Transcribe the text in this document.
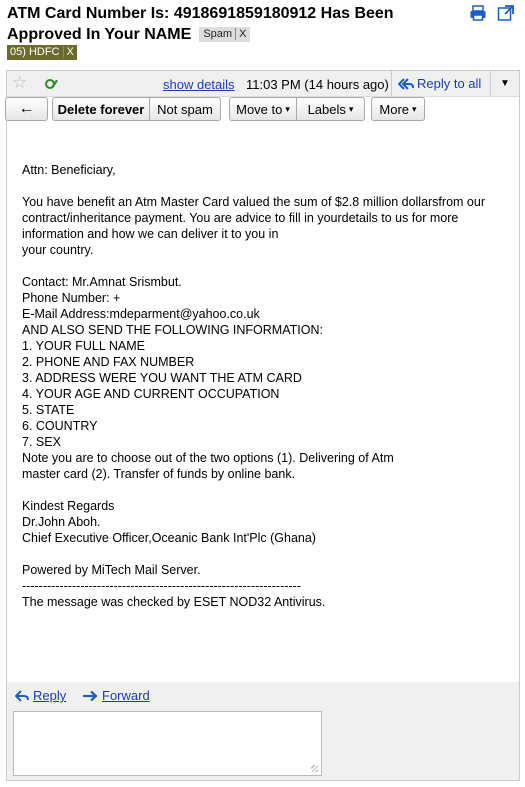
ATM Card Number Is: 4918691859180912 Has Been Approved In Your NAME Spam X
05) HDFC X
☆	show details 11:03 PM (14 hours ago) Reply to all ▼
←	Delete forever Not spam	Move to ▾ Labels ▾ More ▾
Attn: Beneficiary,

You have benefit an Atm Master Card valued the sum of $2.8 million dollarsfrom our contract/inheritance payment. You are advice to fill in yourdetails to us for more information and how we can deliver it to you in
your country.

Contact: Mr.Amnat Srismbut.
Phone Number: +
E-Mail Address:mdeparment@yahoo.co.uk
AND ALSO SEND THE FOLLOWING INFORMATION:
1. YOUR FULL NAME
2. PHONE AND FAX NUMBER
3. ADDRESS WERE YOU WANT THE ATM CARD
4. YOUR AGE AND CURRENT OCCUPATION
5. STATE
6. COUNTRY
7. SEX
Note you are to choose out of the two options (1). Delivering of Atm
master card (2). Transfer of funds by online bank.

Kindest Regards
Dr.John Aboh.
Chief Executive Officer,Oceanic Bank Int'Plc (Ghana)

Powered by MiTech Mail Server.
-------------------------------------------------------------------
The message was checked by ESET NOD32 Antivirus.
Reply	Forward
